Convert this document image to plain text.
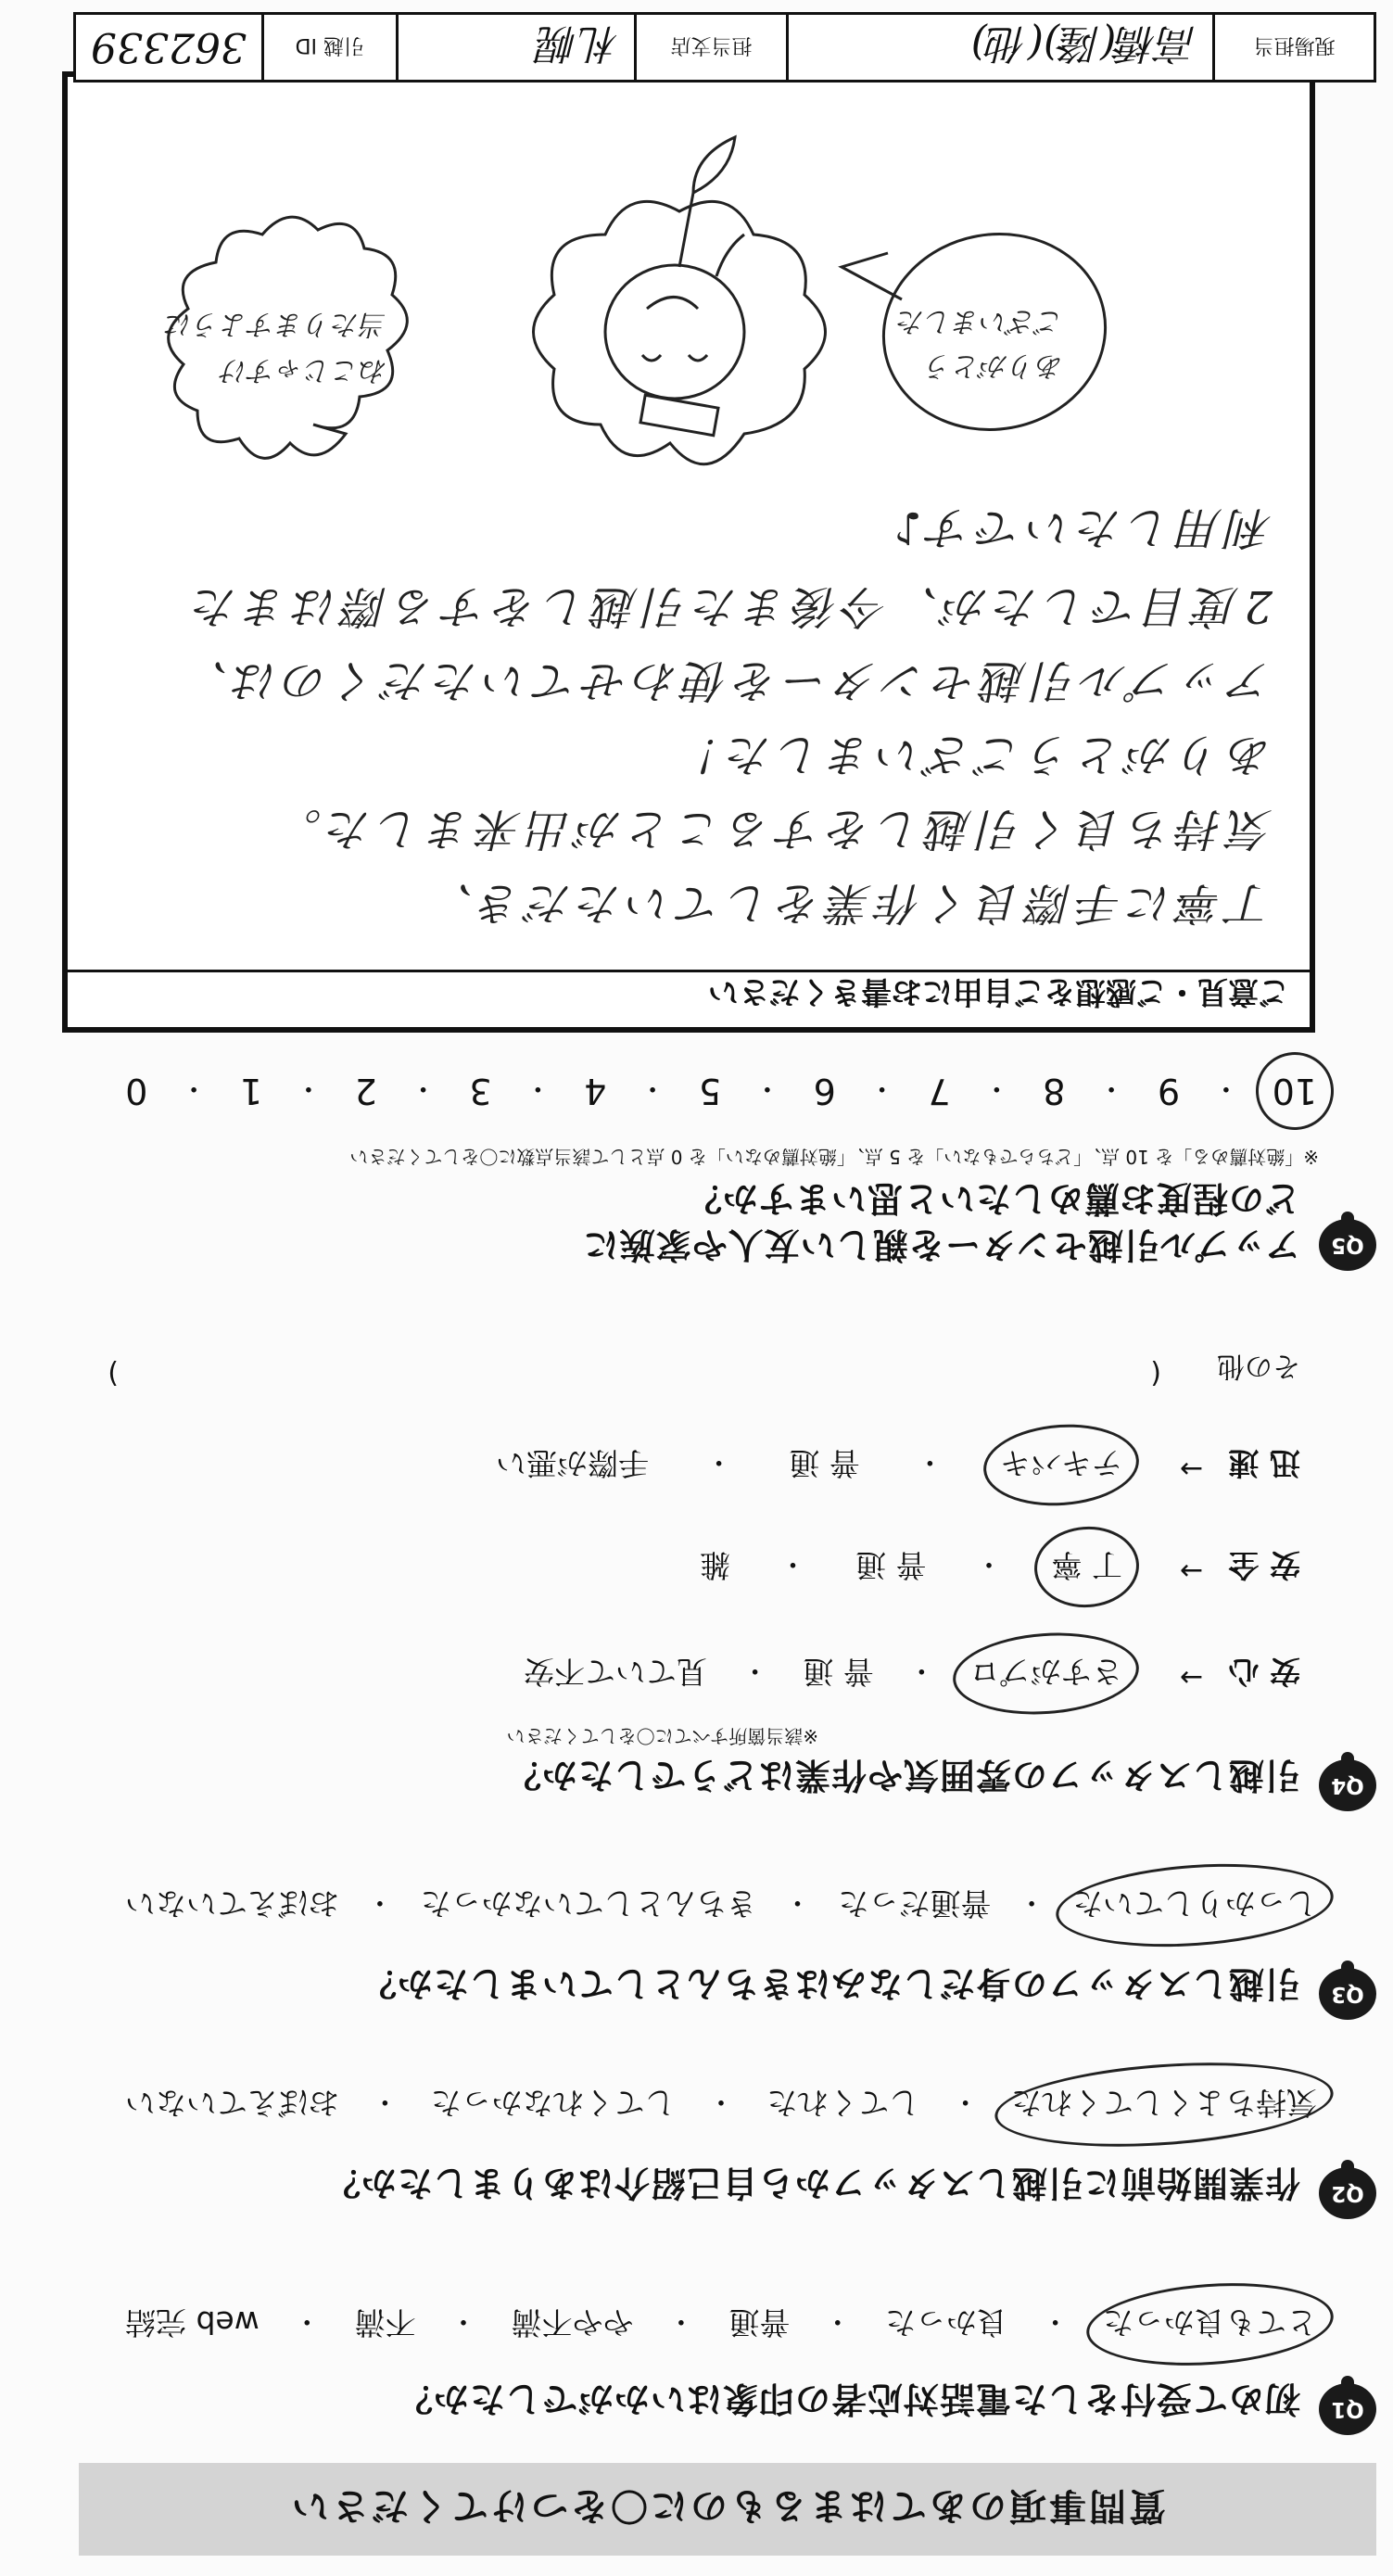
質問事項のあてはまるものに〇をつけてください
Q1
初めて受付をした電話対応者の印象はいかがでしたか？
とても良かった
・
良かった
・
普通
・
やや不満
・
不満
・
web 完結
Q2
作業開始前に引越しスタッフから自己紹介はありましたか？
気持ちよくしてくれた
・
してくれた
・
してくれなかった
・
おぼえていない
Q3
引越しスタッフの身だしなみはきちんとしていましたか？
しっかりしていた
・
普通だった
・
きちんとしていなかった
・
おぼえていない
Q4
引越しスタッフの雰囲気や作業はどうでしたか？
※該当箇所すべてに〇をしてください
安 心
→
さすがプロ
・
普 通
・
見ていて不安
安 全
→
丁 寧
・
普 通
・
雑
迅 速
→
テキパキ
・
普 通
・
手際が悪い
その他
(
)
Q5
アップル引越センターを親しい友人や家族に
どの程度お薦めしたいと思いますか？
※「絶対薦める」を 10 点、「どちらでもない」を 5 点、「絶対薦めない」を 0 点として該当点数に〇をしてください
10
・
9
・
8
・
7
・
6
・
5
・
4
・
3
・
2
・
1
・
0
ご意見・ご感想をご自由にお書きください
丁寧に手際良く作業をしていただき、
気持ち良く引越しをすることが出来ました。
ありがとうございました！
アップル引越センターを使わせていただくのは、
2度目でしたが、今後また引越しをする際はまた
利用したいです♪
ありがとう
ございました
ねこじゃすけ
当たりますように
現場担当
高橋(隆)(他)
担当支店
札幌
引越 ID
362339
